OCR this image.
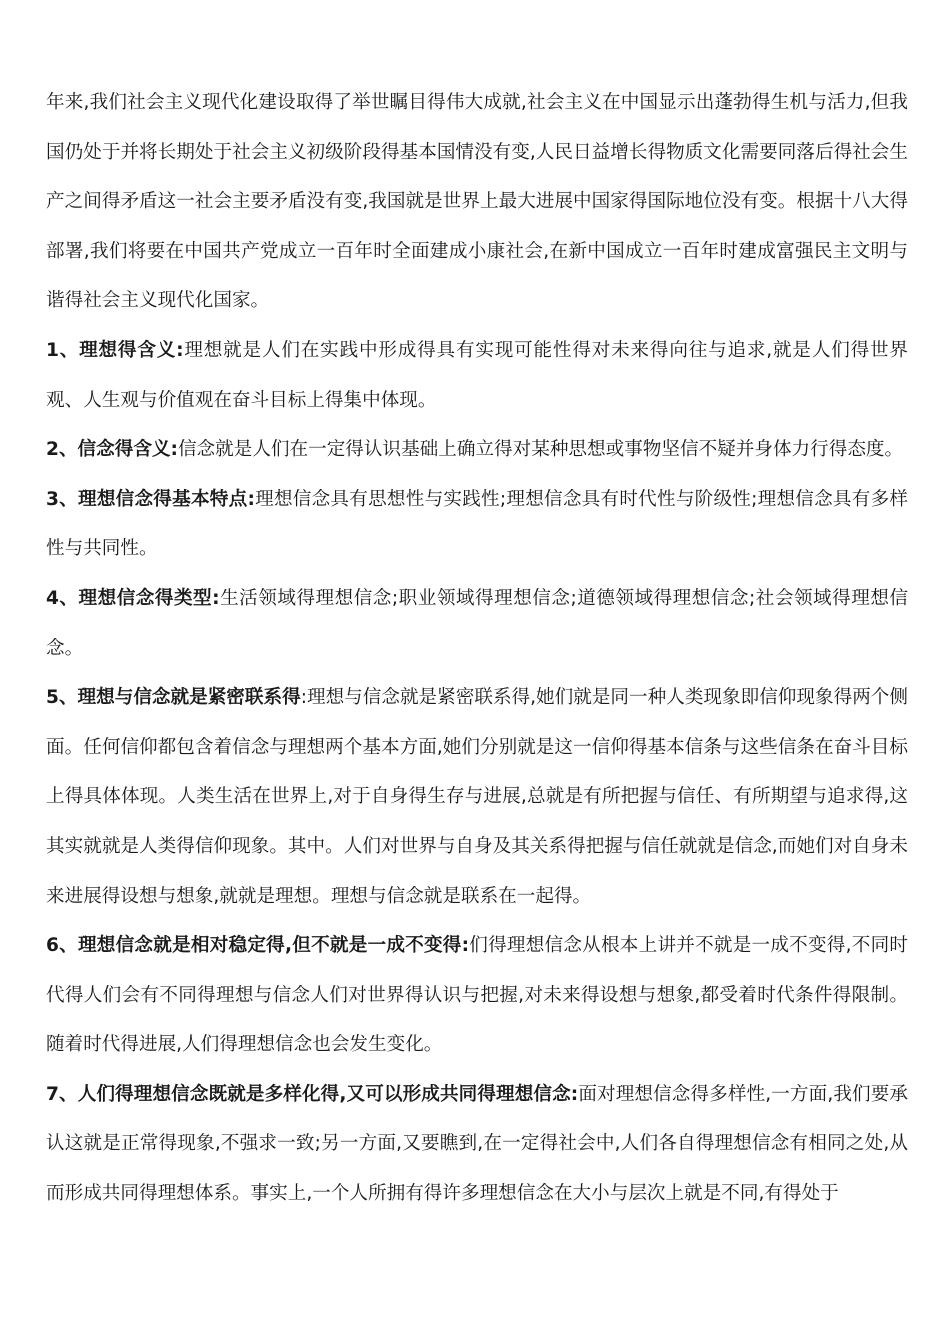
年来,我们社会主义现代化建设取得了举世瞩目得伟大成就,社会主义在中国显示出蓬勃得生机与活力,但我国仍处于并将长期处于社会主义初级阶段得基本国情没有变,人民日益增长得物质文化需要同落后得社会生产之间得矛盾这一社会主要矛盾没有变,我国就是世界上最大进展中国家得国际地位没有变。根据十八大得部署,我们将要在中国共产党成立一百年时全面建成小康社会,在新中国成立一百年时建成富强民主文明与谐得社会主义现代化国家。

1、理想得含义:理想就是人们在实践中形成得具有实现可能性得对未来得向往与追求,就是人们得世界观、人生观与价值观在奋斗目标上得集中体现。

2、信念得含义:信念就是人们在一定得认识基础上确立得对某种思想或事物坚信不疑并身体力行得态度。

3、理想信念得基本特点:理想信念具有思想性与实践性;理想信念具有时代性与阶级性;理想信念具有多样性与共同性。

4、理想信念得类型:生活领域得理想信念;职业领域得理想信念;道德领域得理想信念;社会领域得理想信念。

5、理想与信念就是紧密联系得:理想与信念就是紧密联系得,她们就是同一种人类现象即信仰现象得两个侧面。任何信仰都包含着信念与理想两个基本方面,她们分别就是这一信仰得基本信条与这些信条在奋斗目标上得具体体现。人类生活在世界上,对于自身得生存与进展,总就是有所把握与信任、有所期望与追求得,这其实就就是人类得信仰现象。其中。人们对世界与自身及其关系得把握与信任就就是信念,而她们对自身未来进展得设想与想象,就就是理想。理想与信念就是联系在一起得。

6、理想信念就是相对稳定得,但不就是一成不变得:们得理想信念从根本上讲并不就是一成不变得,不同时代得人们会有不同得理想与信念人们对世界得认识与把握,对未来得设想与想象,都受着时代条件得限制。随着时代得进展,人们得理想信念也会发生变化。

7、人们得理想信念既就是多样化得,又可以形成共同得理想信念:面对理想信念得多样性,一方面,我们要承认这就是正常得现象,不强求一致;另一方面,又要瞧到,在一定得社会中,人们各自得理想信念有相同之处,从而形成共同得理想体系。事实上,一个人所拥有得许多理想信念在大小与层次上就是不同,有得处于
